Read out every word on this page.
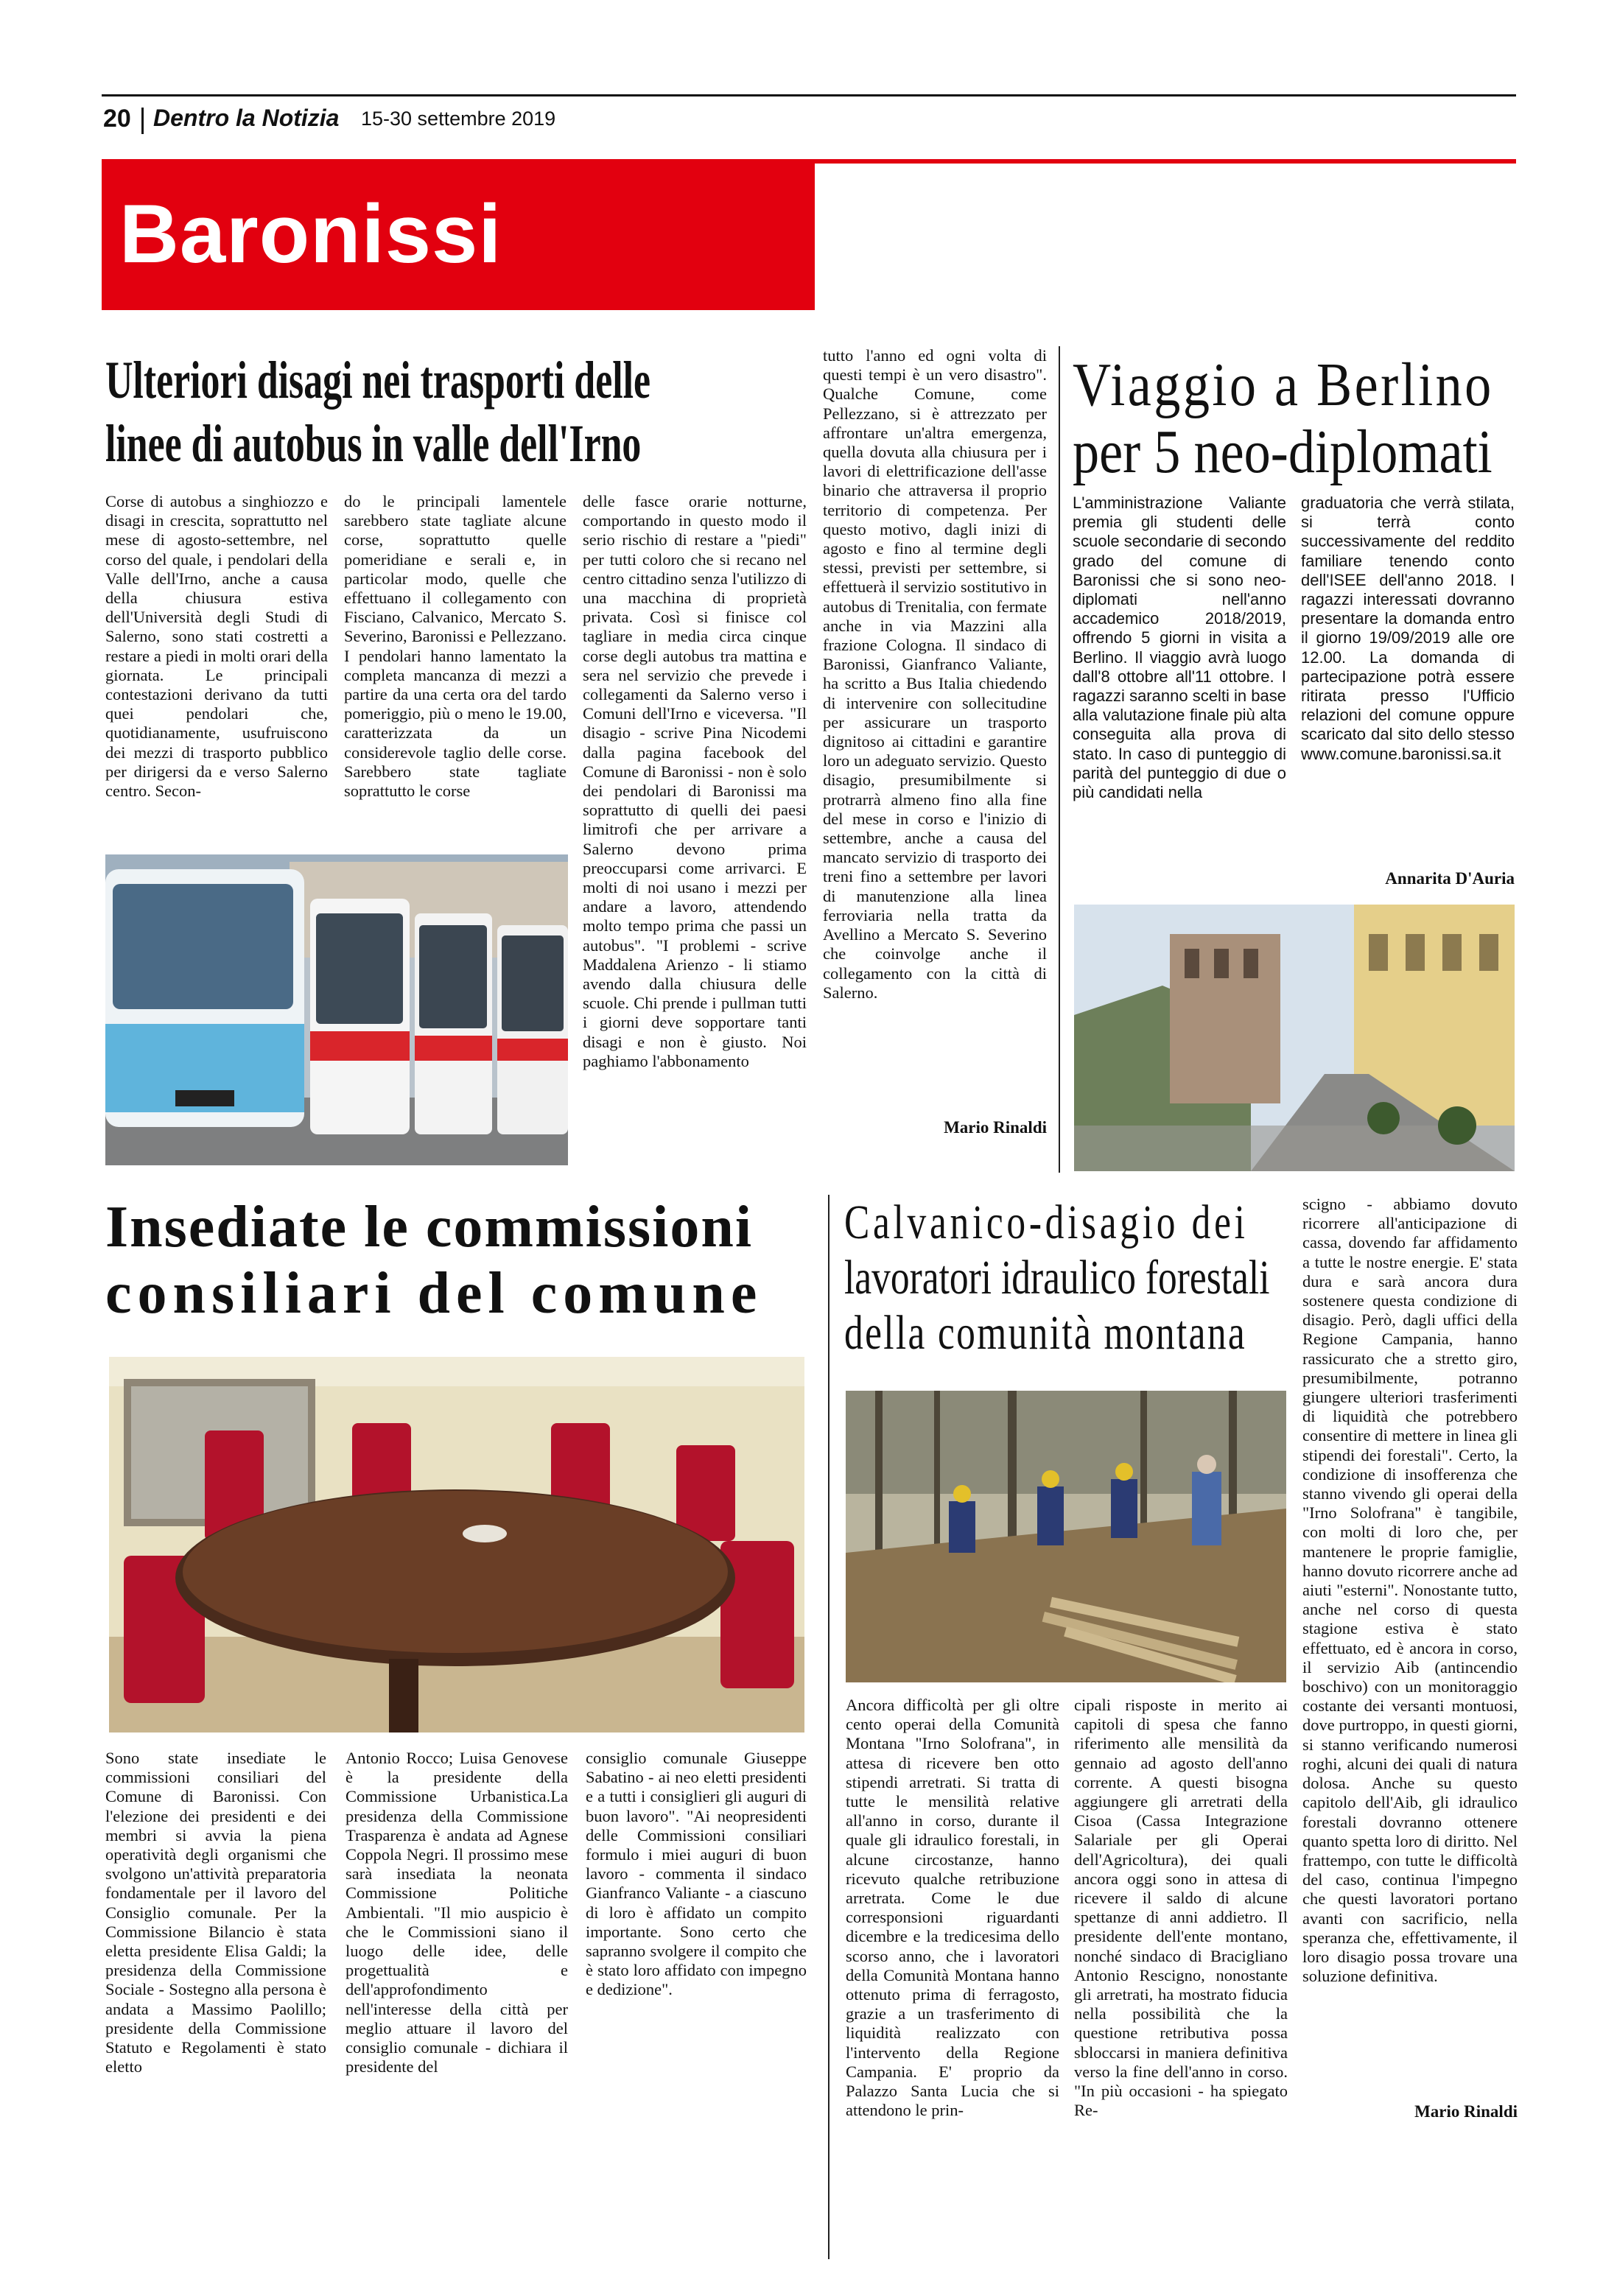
20 Dentro la Notizia 15-30 settembre 2019
Baronissi
Ulteriori disagi nei trasporti delle
linee di autobus in valle dell'Irno
Corse di autobus a singhiozzo e disagi in crescita, soprattutto nel mese di agosto-settembre, nel corso del quale, i pendolari della Valle dell'Irno, anche a causa della chiusura estiva dell'Università degli Studi di Salerno, sono stati costretti a restare a piedi in molti orari della giornata. Le principali contestazioni derivano da tutti quei pendolari che, quotidianamente, usufruiscono dei mezzi di trasporto pubblico per dirigersi da e verso Salerno centro. Secon-
do le principali lamentele sarebbero state tagliate alcune corse, soprattutto quelle pomeridiane e serali e, in particolar modo, quelle che effettuano il collegamento con Fisciano, Calvanico, Mercato S. Severino, Baronissi e Pellezzano. I pendolari hanno lamentato la completa mancanza di mezzi a partire da una certa ora del tardo pomeriggio, più o meno le 19.00, caratterizzata da un considerevole taglio delle corse. Sarebbero state tagliate soprattutto le corse
delle fasce orarie notturne, comportando in questo modo il serio rischio di restare a "piedi" per tutti coloro che si recano nel centro cittadino senza l'utilizzo di una macchina di proprietà privata. Così si finisce col tagliare in media circa cinque corse degli autobus tra mattina e sera nel servizio che prevede i collegamenti da Salerno verso i Comuni dell'Irno e viceversa. "Il disagio - scrive Pina Nicodemi dalla pagina facebook del Comune di Baronissi - non è solo dei pendolari di Baronissi ma soprattutto di quelli dei paesi limitrofi che per arrivare a Salerno devono prima preoccuparsi come arrivarci. E molti di noi usano i mezzi per andare a lavoro, attendendo molto tempo prima che passi un autobus". "I problemi - scrive Maddalena Arienzo - li stiamo avendo dalla chiusura delle scuole. Chi prende i pullman tutti i giorni deve sopportare tanti disagi e non è giusto. Noi paghiamo l'abbonamento
tutto l'anno ed ogni volta di questi tempi è un vero disastro". Qualche Comune, come Pellezzano, si è attrezzato per affrontare un'altra emergenza, quella dovuta alla chiusura per i lavori di elettrificazione dell'asse binario che attraversa il proprio territorio di competenza. Per questo motivo, dagli inizi di agosto e fino al termine degli stessi, previsti per settembre, si effettuerà il servizio sostitutivo in autobus di Trenitalia, con fermate anche in via Mazzini alla frazione Cologna. Il sindaco di Baronissi, Gianfranco Valiante, ha scritto a Bus Italia chiedendo di intervenire con sollecitudine per assicurare un trasporto dignitoso ai cittadini e garantire loro un adeguato servizio. Questo disagio, presumibilmente si protrarrà almeno fino alla fine del mese in corso e l'inizio di settembre, anche a causa del mancato servizio di trasporto dei treni fino a settembre per lavori di manutenzione alla linea ferroviaria nella tratta da Avellino a Mercato S. Severino che coinvolge anche il collegamento con la città di Salerno.
Mario Rinaldi
Viaggio a Berlino
per 5 neo-diplomati
L'amministrazione Valiante premia gli studenti delle scuole secondarie di secondo grado del comune di Baronissi che si sono neo-diplomati nell'anno accademico 2018/2019, offrendo 5 giorni in visita a Berlino. Il viaggio avrà luogo dall'8 ottobre all'11 ottobre. I ragazzi saranno scelti in base alla valutazione finale più alta conseguita alla prova di stato. In caso di punteggio di parità del punteggio di due o più candidati nella
graduatoria che verrà stilata, si terrà conto successivamente del reddito familiare tenendo conto dell'ISEE dell'anno 2018. I ragazzi interessati dovranno presentare la domanda entro il giorno 19/09/2019 alle ore 12.00. La domanda di partecipazione potrà essere ritirata presso l'Ufficio relazioni del comune oppure scaricato dal sito dello stesso www.comune.baronissi.sa.it
Annarita D'Auria
Insediate le commissioni
consiliari del comune
Sono state insediate le commissioni consiliari del Comune di Baronissi. Con l'elezione dei presidenti e dei membri si avvia la piena operatività degli organismi che svolgono un'attività preparatoria fondamentale per il lavoro del Consiglio comunale. Per la Commissione Bilancio è stata eletta presidente Elisa Galdi; la presidenza della Commissione Sociale - Sostegno alla persona è andata a Massimo Paolillo; presidente della Commissione Statuto e Regolamenti è stato eletto
Antonio Rocco; Luisa Genovese è la presidente della Commissione Urbanistica.La presidenza della Commissione Trasparenza è andata ad Agnese Coppola Negri. Il prossimo mese sarà insediata la neonata Commissione Politiche Ambientali. "Il mio auspicio è che le Commissioni siano il luogo delle idee, delle progettualità e dell'approfondimento nell'interesse della città per meglio attuare il lavoro del consiglio comunale - dichiara il presidente del
consiglio comunale Giuseppe Sabatino - ai neo eletti presidenti e a tutti i consiglieri gli auguri di buon lavoro". "Ai neopresidenti delle Commissioni consiliari formulo i miei auguri di buon lavoro - commenta il sindaco Gianfranco Valiante - a ciascuno di loro è affidato un compito importante. Sono certo che sapranno svolgere il compito che è stato loro affidato con impegno e dedizione".
Calvanico-disagio dei
lavoratori idraulico forestali
della comunità montana
Ancora difficoltà per gli oltre cento operai della Comunità Montana "Irno Solofrana", in attesa di ricevere ben otto stipendi arretrati. Si tratta di tutte le mensilità relative all'anno in corso, durante il quale gli idraulico forestali, in alcune circostanze, hanno ricevuto qualche retribuzione arretrata. Come le due corresponsioni riguardanti dicembre e la tredicesima dello scorso anno, che i lavoratori della Comunità Montana hanno ottenuto prima di ferragosto, grazie a un trasferimento di liquidità realizzato con l'intervento della Regione Campania. E' proprio da Palazzo Santa Lucia che si attendono le prin-
cipali risposte in merito ai capitoli di spesa che fanno riferimento alle mensilità da gennaio ad agosto dell'anno corrente. A questi bisogna aggiungere gli arretrati della Cisoa (Cassa Integrazione Salariale per gli Operai dell'Agricoltura), dei quali ancora oggi sono in attesa di ricevere il saldo di alcune spettanze di anni addietro. Il presidente dell'ente montano, nonché sindaco di Bracigliano Antonio Rescigno, nonostante gli arretrati, ha mostrato fiducia nella possibilità che la questione retributiva possa sbloccarsi in maniera definitiva verso la fine dell'anno in corso. "In più occasioni - ha spiegato Re-
scigno - abbiamo dovuto ricorrere all'anticipazione di cassa, dovendo far affidamento a tutte le nostre energie. E' stata dura e sarà ancora dura sostenere questa condizione di disagio. Però, dagli uffici della Regione Campania, hanno rassicurato che a stretto giro, presumibilmente, potranno giungere ulteriori trasferimenti di liquidità che potrebbero consentire di mettere in linea gli stipendi dei forestali". Certo, la condizione di insofferenza che stanno vivendo gli operai della "Irno Solofrana" è tangibile, con molti di loro che, per mantenere le proprie famiglie, hanno dovuto ricorrere anche ad aiuti "esterni". Nonostante tutto, anche nel corso di questa stagione estiva è stato effettuato, ed è ancora in corso, il servizio Aib (antincendio boschivo) con un monitoraggio costante dei versanti montuosi, dove purtroppo, in questi giorni, si stanno verificando numerosi roghi, alcuni dei quali di natura dolosa. Anche su questo capitolo dell'Aib, gli idraulico forestali dovranno ottenere quanto spetta loro di diritto. Nel frattempo, con tutte le difficoltà del caso, continua l'impegno che questi lavoratori portano avanti con sacrificio, nella speranza che, effettivamente, il loro disagio possa trovare una soluzione definitiva.
Mario Rinaldi
